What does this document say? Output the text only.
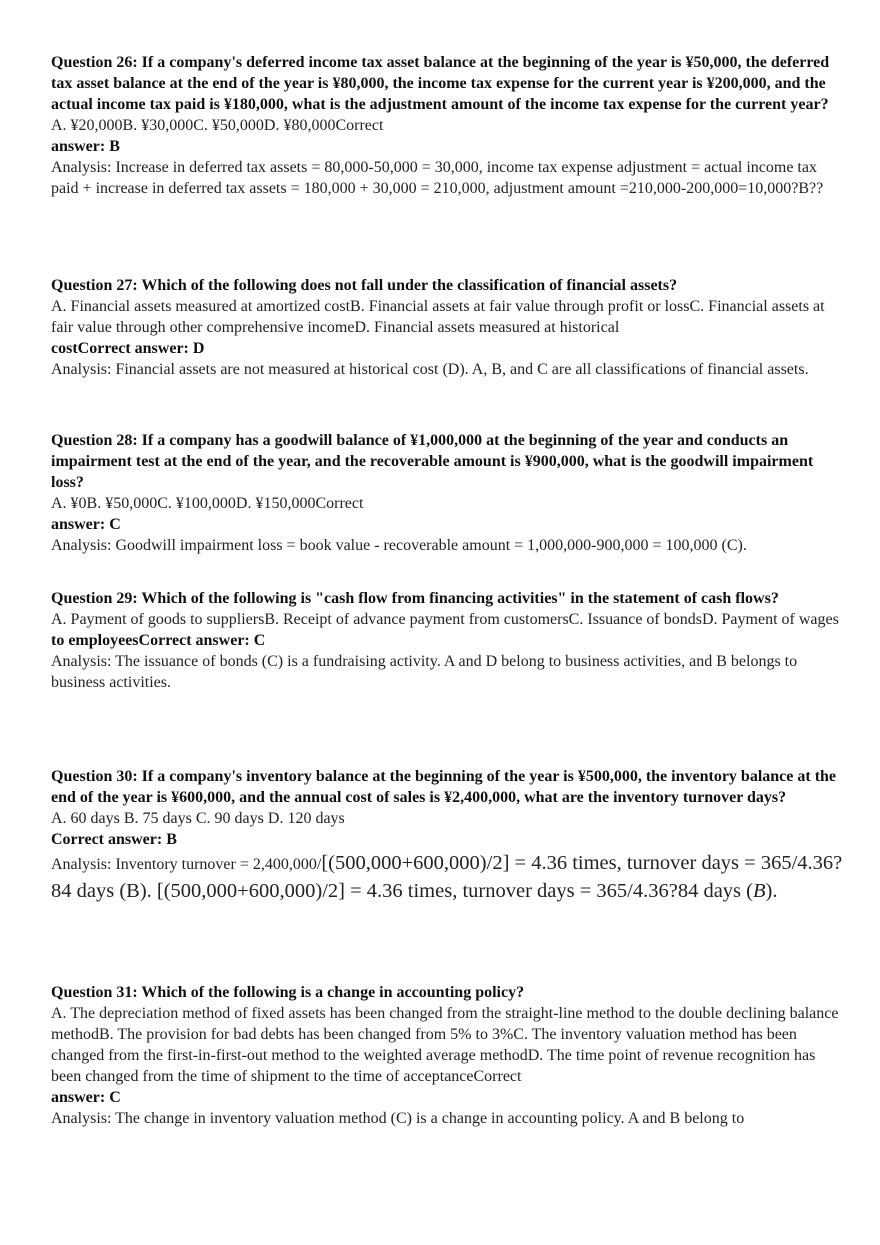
Question 26: If a company's deferred income tax asset balance at the beginning of the year is ¥50,000, the deferred tax asset balance at the end of the year is ¥80,000, the income tax expense for the current year is ¥200,000, and the actual income tax paid is ¥180,000, what is the adjustment amount of the income tax expense for the current year?

A. ¥20,000B. ¥30,000C. ¥50,000D. ¥80,000Correct

answer: B

Analysis: Increase in deferred tax assets = 80,000-50,000 = 30,000, income tax expense adjustment = actual income tax paid + increase in deferred tax assets = 180,000 + 30,000 = 210,000, adjustment amount =210,000-200,000=10,000?B??

Question 27: Which of the following does not fall under the classification of financial assets?

A. Financial assets measured at amortized costB. Financial assets at fair value through profit or lossC. Financial assets at fair value through other comprehensive incomeD. Financial assets measured at historical

costCorrect answer: D

Analysis: Financial assets are not measured at historical cost (D). A, B, and C are all classifications of financial assets.

Question 28: If a company has a goodwill balance of ¥1,000,000 at the beginning of the year and conducts an impairment test at the end of the year, and the recoverable amount is ¥900,000, what is the goodwill impairment loss?

A. ¥0B. ¥50,000C. ¥100,000D. ¥150,000Correct

answer: C

Analysis: Goodwill impairment loss = book value - recoverable amount = 1,000,000-900,000 = 100,000 (C).

Question 29: Which of the following is "cash flow from financing activities" in the statement of cash flows?

A. Payment of goods to suppliersB. Receipt of advance payment from customersC. Issuance of bondsD. Payment of wages

to employeesCorrect answer: C

Analysis: The issuance of bonds (C) is a fundraising activity. A and D belong to business activities, and B belongs to business activities.

Question 30: If a company's inventory balance at the beginning of the year is ¥500,000, the inventory balance at the end of the year is ¥600,000, and the annual cost of sales is ¥2,400,000, what are the inventory turnover days?

A. 60 days B. 75 days C. 90 days D. 120 days

Correct answer: B

Analysis: Inventory turnover = 2,400,000/[(500,000+600,000)/2] = 4.36 times, turnover days = 365/4.36?84 days (B). [(500,000+600,000)/2] = 4.36 times, turnover days = 365/4.36?84 days (B).

Question 31: Which of the following is a change in accounting policy?

A. The depreciation method of fixed assets has been changed from the straight-line method to the double declining balance methodB. The provision for bad debts has been changed from 5% to 3%C. The inventory valuation method has been changed from the first-in-first-out method to the weighted average methodD. The time point of revenue recognition has been changed from the time of shipment to the time of acceptanceCorrect

answer: C

Analysis: The change in inventory valuation method (C) is a change in accounting policy. A and B belong to
